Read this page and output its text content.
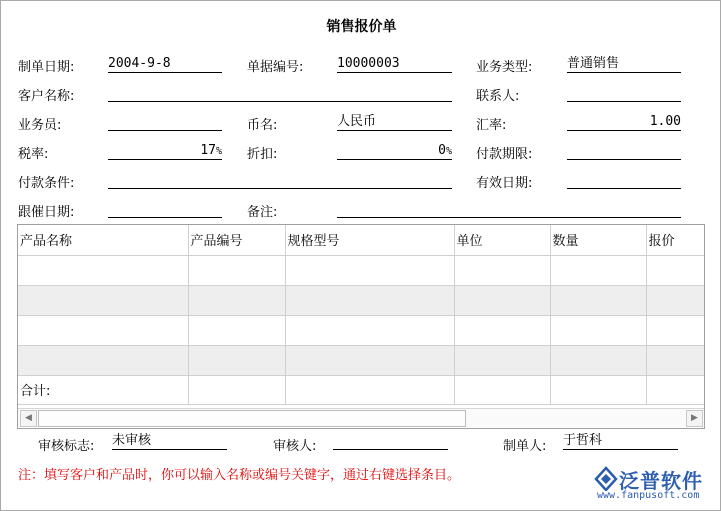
销售报价单
制单日期:	2004-9-8	单据编号:	10000003	业务类型:	普通销售
客户名称:	联系人:
业务员:	币名:	人民币	汇率:	1.00
税率:	17% 折扣:	0% 付款期限:
付款条件:	有效日期:
跟催日期:	备注:
产品名称	产品编号	规格型号	单位	数量	报价

合计:					
◀	▶
审核标志: 未审核	审核人:	制单人: 于哲科
注：填写客户和产品时，你可以输入名称或编号关键字，通过右键选择条目。	泛普软件
www.fanpusoft.com
